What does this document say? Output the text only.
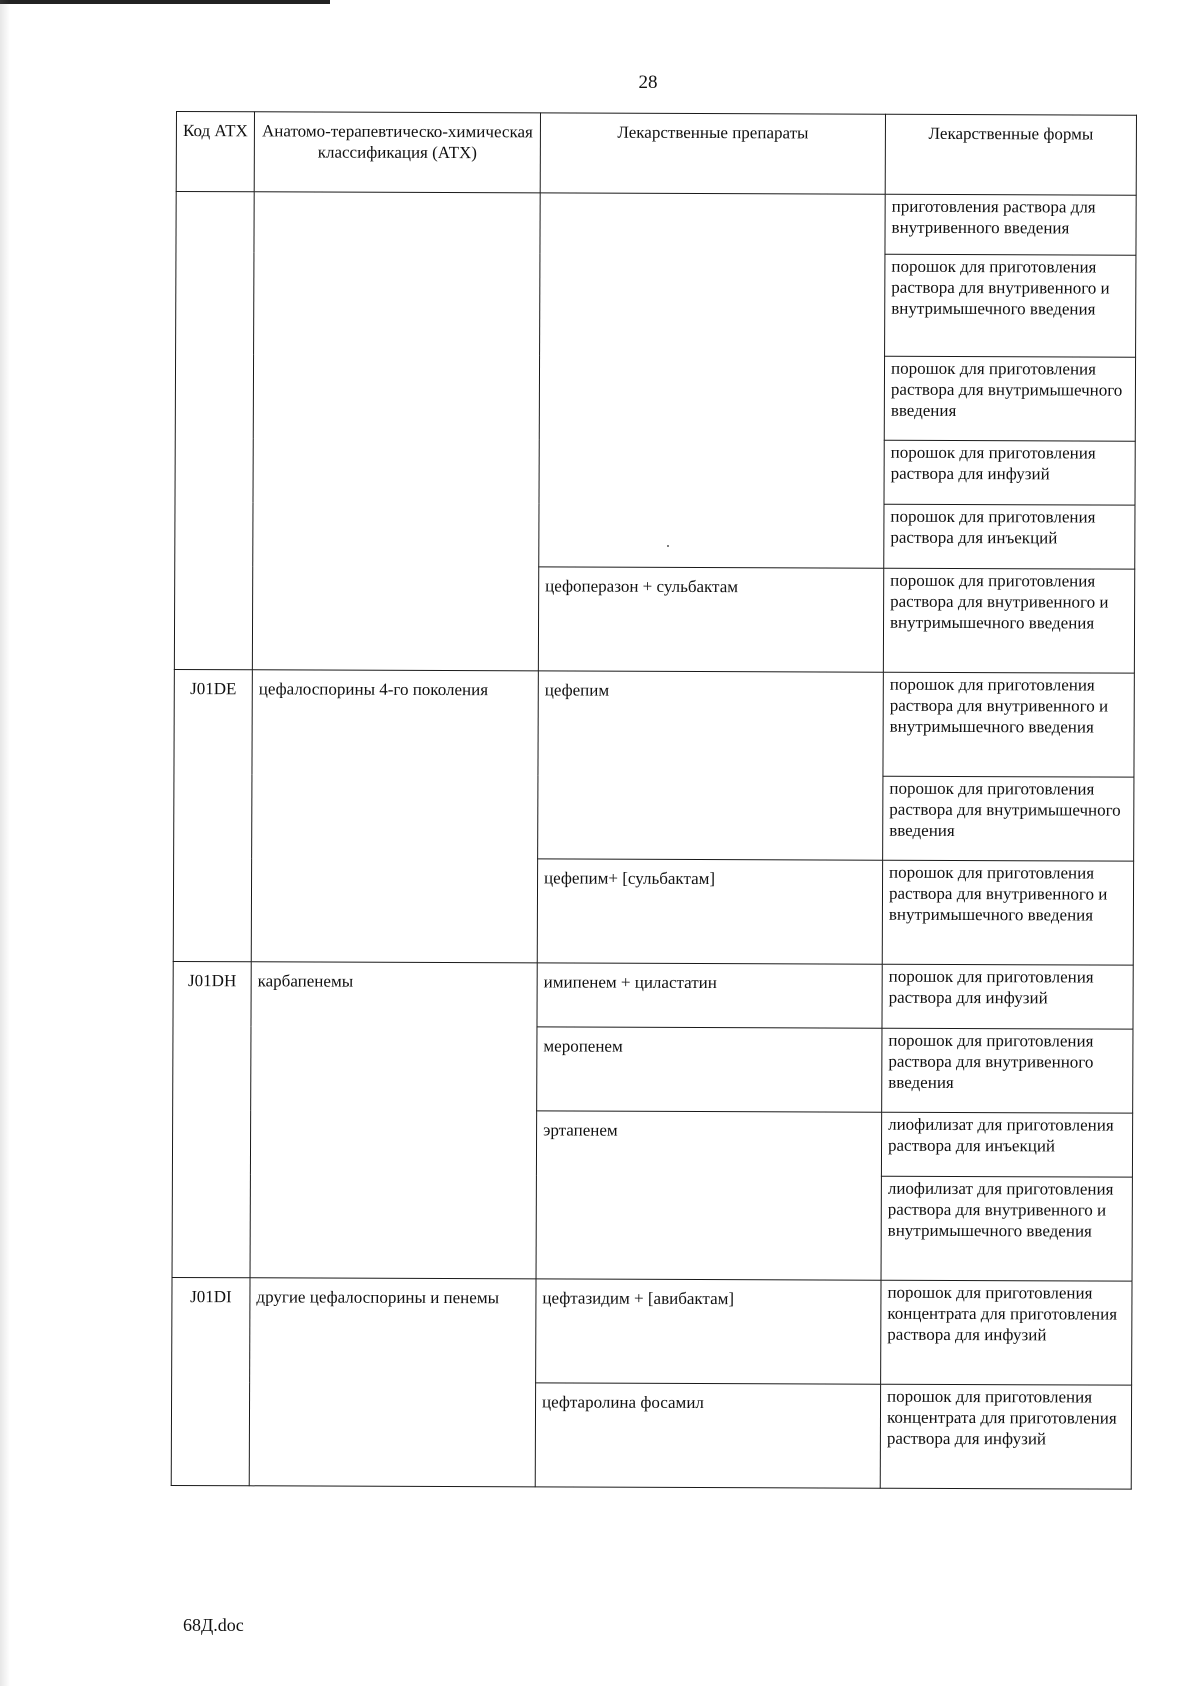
28
Код АТХ	Анатомо-терапевтическо-химическая классификация (АТХ)	Лекарственные препараты	Лекарственные формы
			приготовления раствора для внутривенного введения
			порошок для приготовления раствора для внутривенного и внутримышечного введения
			порошок для приготовления раствора для внутримышечного введения
			порошок для приготовления раствора для инфузий
			порошок для приготовления раствора для инъекций
		цефоперазон + сульбактам	порошок для приготовления раствора для внутривенного и внутримышечного введения
J01DE	цефалоспорины 4-го поколения	цефепим	порошок для приготовления раствора для внутривенного и внутримышечного введения
			порошок для приготовления раствора для внутримышечного введения
		цефепим+ [сульбактам]	порошок для приготовления раствора для внутривенного и внутримышечного введения
J01DH	карбапенемы	имипенем + циластатин	порошок для приготовления раствора для инфузий
		меропенем	порошок для приготовления раствора для внутривенного введения
		эртапенем	лиофилизат для приготовления раствора для инъекций
			лиофилизат для приготовления раствора для внутривенного и внутримышечного введения
J01DI	другие цефалоспорины и пенемы	цефтазидим + [авибактам]	порошок для приготовления концентрата для приготовления раствора для инфузий
		цефтаролина фосамил	порошок для приготовления концентрата для приготовления раствора для инфузий
68Д.doc
